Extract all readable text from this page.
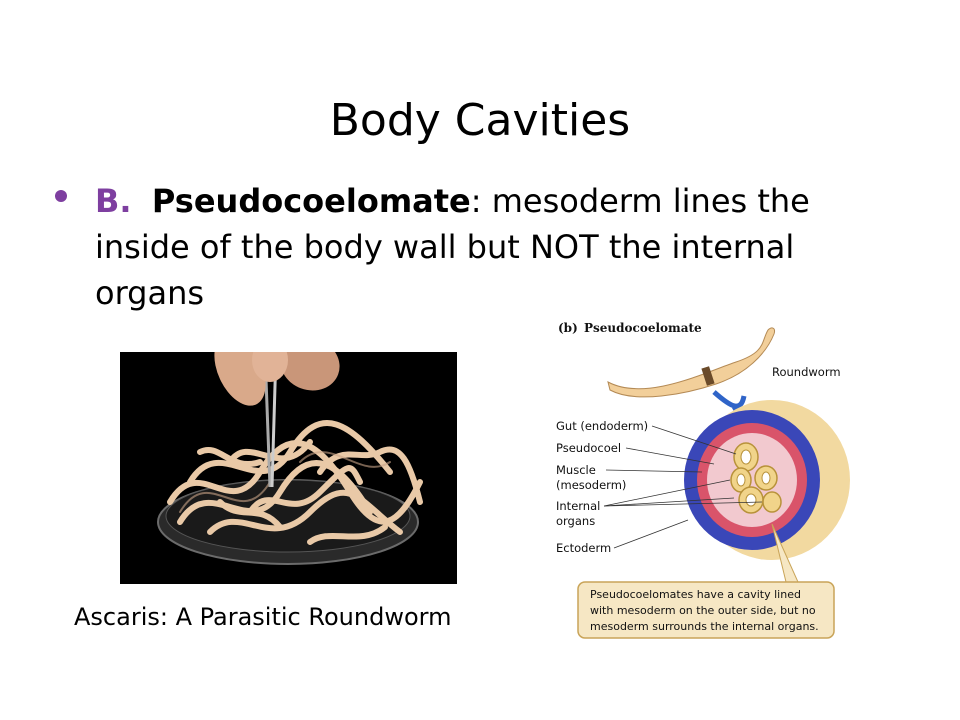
Body Cavities
B. Pseudocoelomate: mesoderm lines the inside of the body wall but NOT the internal organs
Ascaris: A Parasitic Roundworm
(b) Pseudocoelomate
Roundworm
Gut (endoderm)
Pseudocoel
Muscle
(mesoderm)
Internal
organs
Ectoderm
Pseudocoelomates have a cavity lined
with mesoderm on the outer side, but no
mesoderm surrounds the internal organs.
